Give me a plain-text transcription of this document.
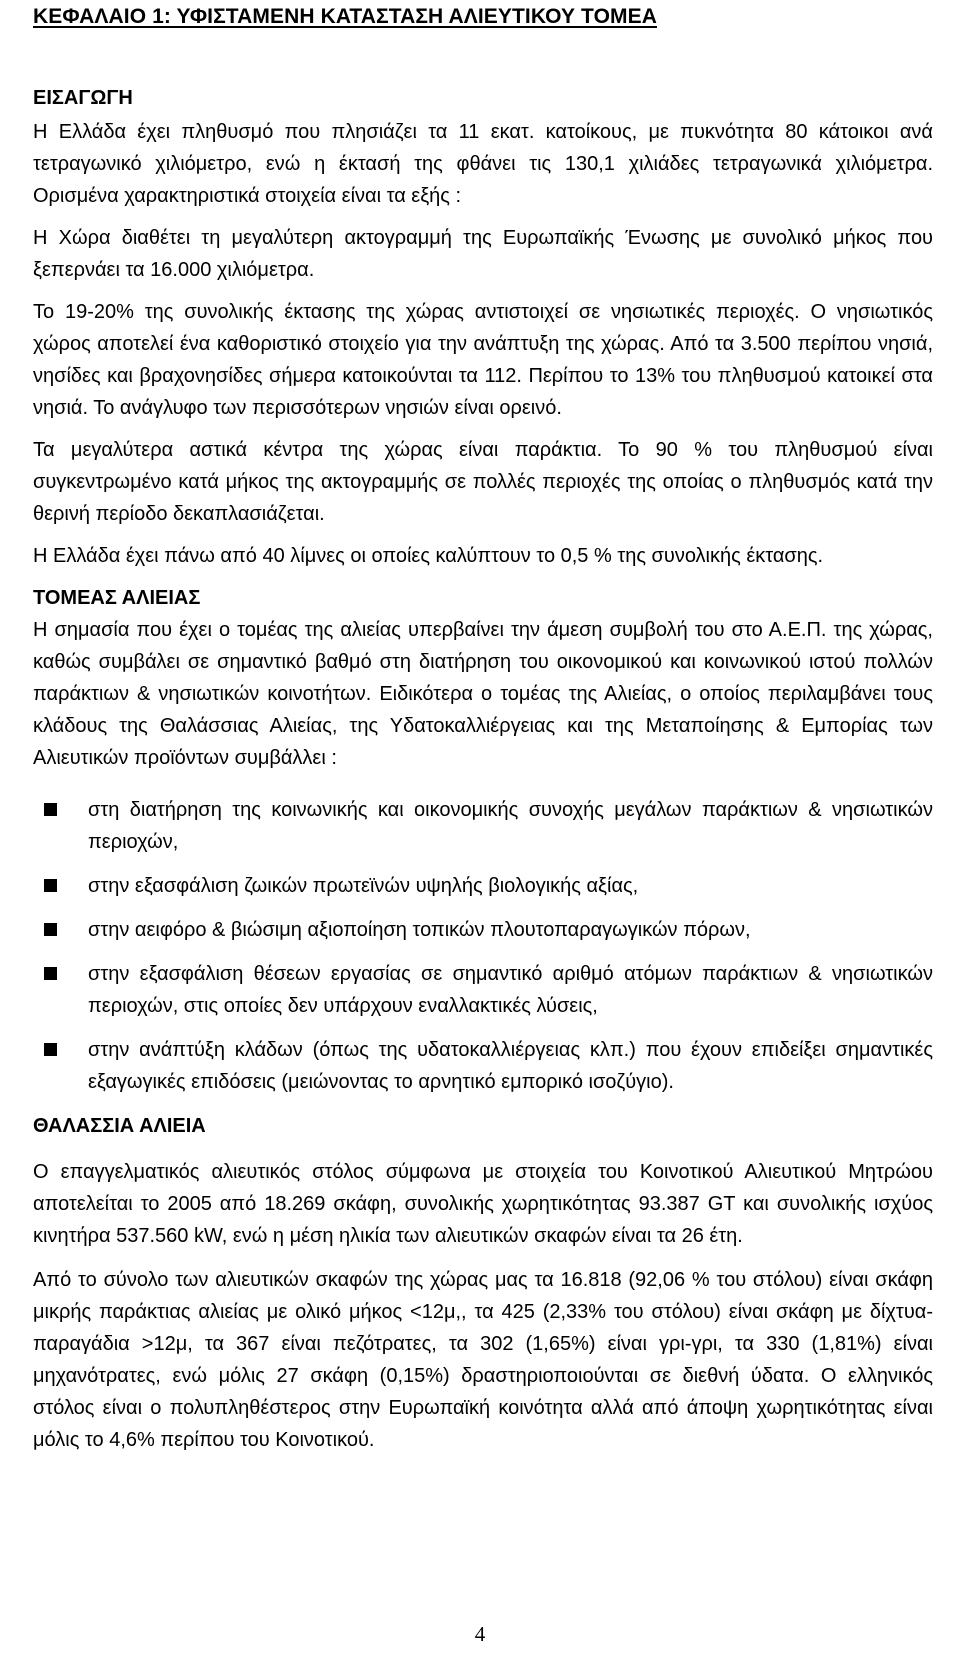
ΚΕΦΑΛΑΙΟ 1: ΥΦΙΣΤΑΜΕΝΗ ΚΑΤΑΣΤΑΣΗ ΑΛΙΕΥΤΙΚΟΥ ΤΟΜΕΑ
ΕΙΣΑΓΩΓΗ

Η Ελλάδα έχει πληθυσμό που πλησιάζει τα 11 εκατ. κατοίκους, με πυκνότητα 80 κάτοικοι ανά τετραγωνικό χιλιόμετρο, ενώ η έκτασή της φθάνει τις 130,1 χιλιάδες τετραγωνικά χιλιόμετρα. Ορισμένα χαρακτηριστικά στοιχεία είναι τα εξής :

Η Χώρα διαθέτει τη μεγαλύτερη ακτογραμμή της Ευρωπαϊκής Ένωσης με συνολικό μήκος που ξεπερνάει τα 16.000 χιλιόμετρα.

Το 19-20% της συνολικής έκτασης της χώρας αντιστοιχεί σε νησιωτικές περιοχές. Ο νησιωτικός χώρος αποτελεί ένα καθοριστικό στοιχείο για την ανάπτυξη της χώρας. Από τα 3.500 περίπου νησιά, νησίδες και βραχονησίδες σήμερα κατοικούνται τα 112. Περίπου το 13% του πληθυσμού κατοικεί στα νησιά. Το ανάγλυφο των περισσότερων νησιών είναι ορεινό.

Τα μεγαλύτερα αστικά κέντρα της χώρας είναι παράκτια. Το 90 % του πληθυσμού είναι συγκεντρωμένο κατά μήκος της ακτογραμμής σε πολλές περιοχές της οποίας ο πληθυσμός κατά την θερινή περίοδο δεκαπλασιάζεται.

Η Ελλάδα έχει πάνω από 40 λίμνες οι οποίες καλύπτουν το 0,5 % της συνολικής έκτασης.

ΤΟΜΕΑΣ ΑΛΙΕΙΑΣ

Η σημασία που έχει ο τομέας της αλιείας υπερβαίνει την άμεση συμβολή του στο Α.Ε.Π. της χώρας, καθώς συμβάλει σε σημαντικό βαθμό στη διατήρηση του οικονομικού και κοινωνικού ιστού πολλών παράκτιων & νησιωτικών κοινοτήτων. Ειδικότερα ο τομέας της Αλιείας, ο οποίος περιλαμβάνει τους κλάδους της Θαλάσσιας Αλιείας, της Υδατοκαλλιέργειας και της Μεταποίησης & Εμπορίας των Αλιευτικών προϊόντων συμβάλλει :

στη διατήρηση της κοινωνικής και οικονομικής συνοχής μεγάλων παράκτιων & νησιωτικών περιοχών,
στην εξασφάλιση ζωικών πρωτεϊνών υψηλής βιολογικής αξίας,
στην αειφόρο & βιώσιμη αξιοποίηση τοπικών πλουτοπαραγωγικών πόρων,
στην εξασφάλιση θέσεων εργασίας σε σημαντικό αριθμό ατόμων παράκτιων & νησιωτικών περιοχών, στις οποίες δεν υπάρχουν εναλλακτικές λύσεις,
στην ανάπτύξη κλάδων (όπως της υδατοκαλλιέργειας κλπ.) που έχουν επιδείξει σημαντικές εξαγωγικές επιδόσεις (μειώνοντας το αρνητικό εμπορικό ισοζύγιο).
ΘΑΛΑΣΣΙΑ ΑΛΙΕΙΑ

Ο επαγγελματικός αλιευτικός στόλος σύμφωνα με στοιχεία του Κοινοτικού Αλιευτικού Μητρώου αποτελείται το 2005 από 18.269 σκάφη, συνολικής χωρητικότητας 93.387 GT και συνολικής ισχύος κινητήρα 537.560 kW, ενώ η μέση ηλικία των αλιευτικών σκαφών είναι τα 26 έτη.

Από το σύνολο των αλιευτικών σκαφών της χώρας μας τα 16.818 (92,06 % του στόλου) είναι σκάφη μικρής παράκτιας αλιείας με ολικό μήκος <12μ,, τα 425 (2,33% του στόλου) είναι σκάφη με δίχτυα-παραγάδια >12μ, τα 367 είναι πεζότρατες, τα 302 (1,65%) είναι γρι-γρι, τα 330 (1,81%) είναι μηχανότρατες, ενώ μόλις 27 σκάφη (0,15%) δραστηριοποιούνται σε διεθνή ύδατα. Ο ελληνικός στόλος είναι ο πολυπληθέστερος στην Ευρωπαϊκή κοινότητα αλλά από άποψη χωρητικότητας είναι μόλις το 4,6% περίπου του Κοινοτικού.

4
